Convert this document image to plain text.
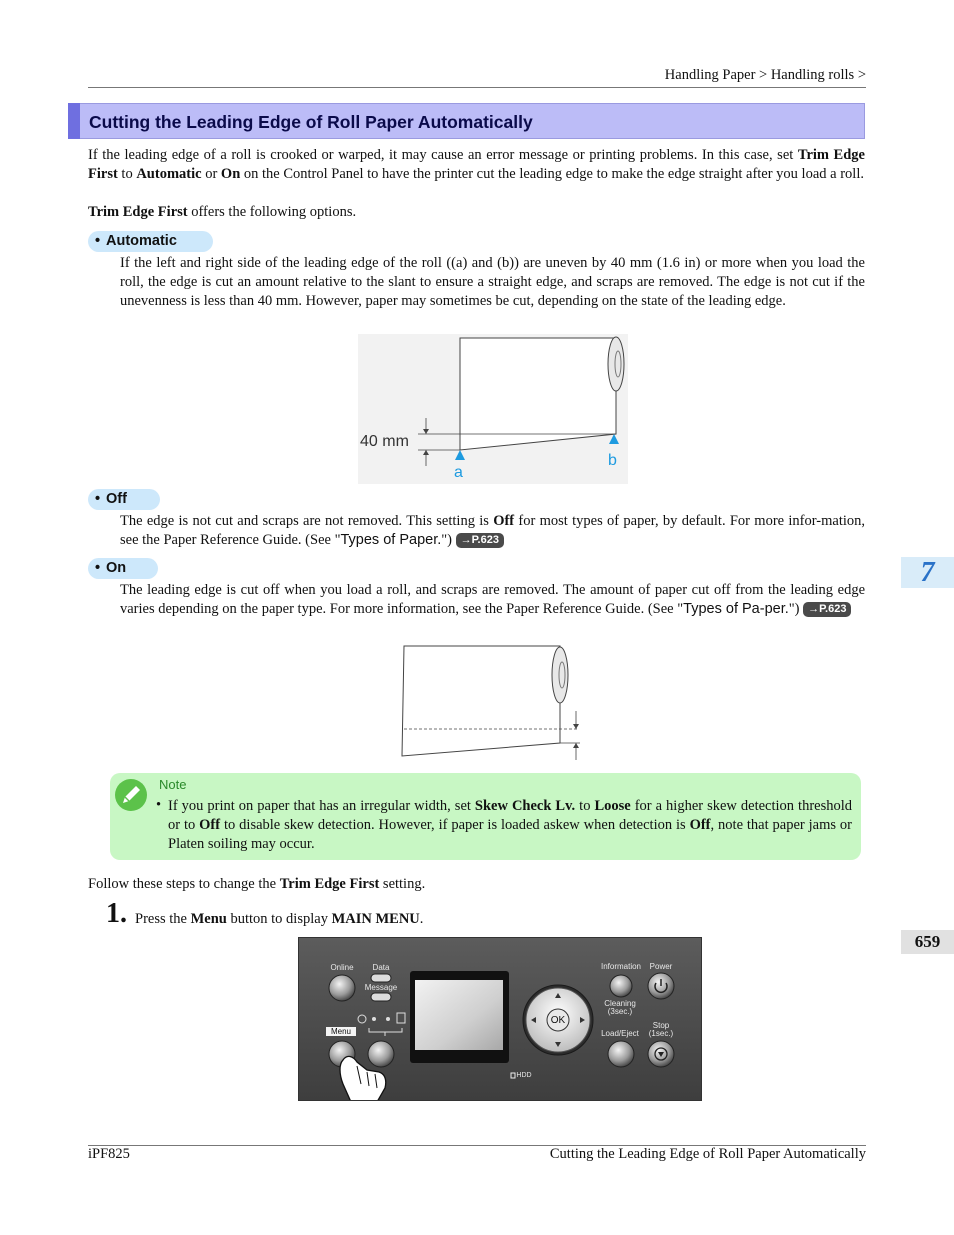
Handling Paper > Handling rolls >
Cutting the Leading Edge of Roll Paper Automatically
If the leading edge of a roll is crooked or warped, it may cause an error message or printing problems. In this case, set Trim Edge First to Automatic or On on the Control Panel to have the printer cut the leading edge to make the edge straight after you load a roll.
Trim Edge First offers the following options.
• Automatic
If the left and right side of the leading edge of the roll ((a) and (b)) are uneven by 40 mm (1.6 in) or more when you load the roll, the edge is cut an amount relative to the slant to ensure a straight edge, and scraps are removed. The edge is not cut if the unevenness is less than 40 mm. However, paper may sometimes be cut, depending on the state of the leading edge.
40 mm
a
b
• Off
The edge is not cut and scraps are not removed. This setting is Off for most types of paper, by default. For more infor-mation, see the Paper Reference Guide. (See "Types of Paper.") →P.623
• On
The leading edge is cut off when you load a roll, and scraps are removed. The amount of paper cut off from the leading edge varies depending on the paper type. For more information, see the Paper Reference Guide. (See "Types of Pa-per.") →P.623
Note
• If you print on paper that has an irregular width, set Skew Check Lv. to Loose for a higher skew detection threshold or to Off to disable skew detection. However, if paper is loaded askew when detection is Off, note that paper jams or Platen soiling may occur.
Follow these steps to change the Trim Edge First setting.
1. Press the Menu button to display MAIN MENU.
Online	Data
Message
Menu
Information	Power
Cleaning
(3sec.)
Load/Eject
Stop
(1sec.)
OK
HDD
7
659
iPF825	Cutting the Leading Edge of Roll Paper Automatically
